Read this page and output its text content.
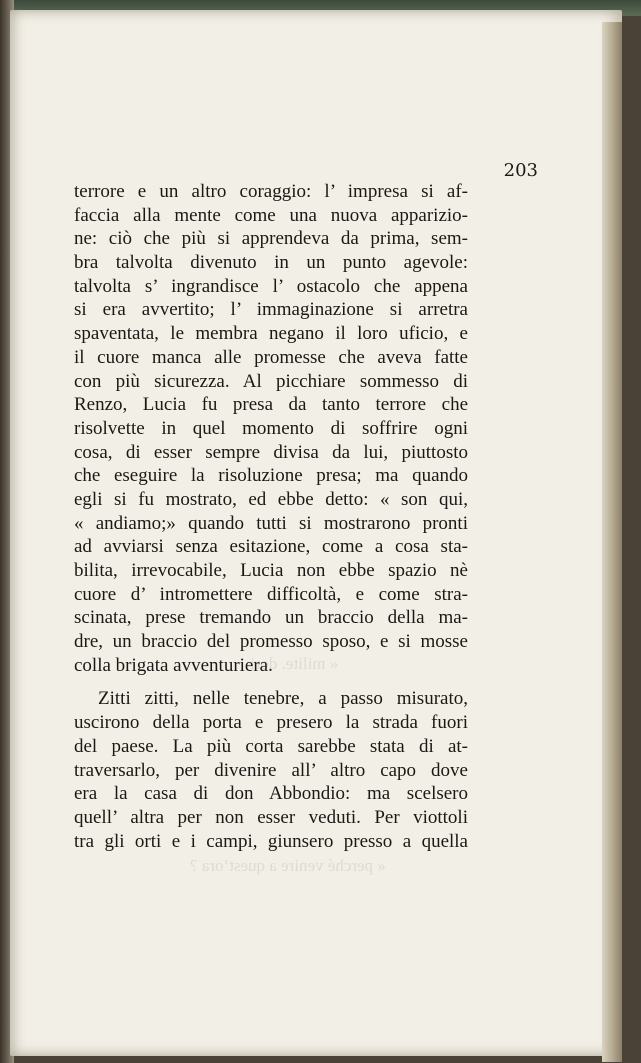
« milite. dori
« perché venire a quest’ora ?
203
terrore e un altro coraggio: l’ impresa si af-
faccia alla mente come una nuova apparizio-
ne: ciò che più si apprendeva da prima, sem-
bra talvolta divenuto in un punto agevole:
talvolta s’ ingrandisce l’ ostacolo che appena
si era avvertito; l’ immaginazione si arretra
spaventata, le membra negano il loro uficio, e
il cuore manca alle promesse che aveva fatte
con più sicurezza. Al picchiare sommesso di
Renzo, Lucia fu presa da tanto terrore che
risolvette in quel momento di soffrire ogni
cosa, di esser sempre divisa da lui, piuttosto
che eseguire la risoluzione presa; ma quando
egli si fu mostrato, ed ebbe detto: « son qui,
« andiamo;» quando tutti si mostrarono pronti
ad avviarsi senza esitazione, come a cosa sta-
bilita, irrevocabile, Lucia non ebbe spazio nè
cuore d’ intromettere difficoltà, e come stra-
scinata, prese tremando un braccio della ma-
dre, un braccio del promesso sposo, e si mosse
colla brigata avventuriera.
Zitti zitti, nelle tenebre, a passo misurato,
uscirono della porta e presero la strada fuori
del paese. La più corta sarebbe stata di at-
traversarlo, per divenire all’ altro capo dove
era la casa di don Abbondio: ma scelsero
quell’ altra per non esser veduti. Per viottoli
tra gli orti e i campi, giunsero presso a quella
